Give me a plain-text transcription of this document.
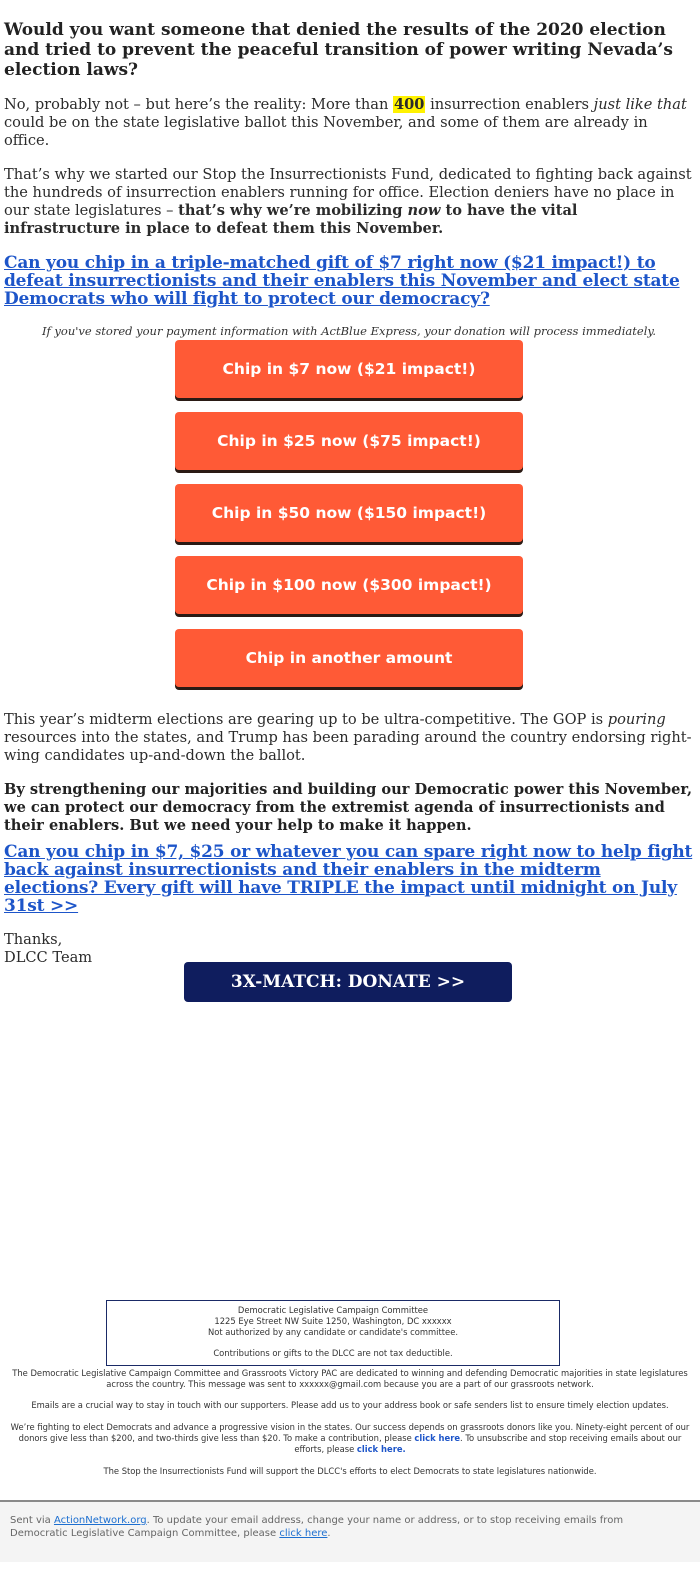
Would you want someone that denied the results of the 2020 election and tried to prevent the peaceful transition of power writing Nevada’s election laws?

No, probably not – but here’s the reality: More than 400 insurrection enablers just like that could be on the state legislative ballot this November, and some of them are already in office.

That’s why we started our Stop the Insurrectionists Fund, dedicated to fighting back against the hundreds of insurrection enablers running for office. Election deniers have no place in our state legislatures – that’s why we’re mobilizing now to have the vital infrastructure in place to defeat them this November.

Can you chip in a triple-matched gift of $7 right now ($21 impact!) to defeat insurrectionists and their enablers this November and elect state Democrats who will fight to protect our democracy?
If you've stored your payment information with ActBlue Express, your donation will process immediately.
Chip in $7 now ($21 impact!)
Chip in $25 now ($75 impact!)
Chip in $50 now ($150 impact!)
Chip in $100 now ($300 impact!)
Chip in another amount

This year’s midterm elections are gearing up to be ultra-competitive. The GOP is pouring resources into the states, and Trump has been parading around the country endorsing right-wing candidates up-and-down the ballot.

By strengthening our majorities and building our Democratic power this November, we can protect our democracy from the extremist agenda of insurrectionists and their enablers. But we need your help to make it happen.

Can you chip in $7, $25 or whatever you can spare right now to help fight back against insurrectionists and their enablers in the midterm elections? Every gift will have TRIPLE the impact until midnight on July 31st >>

Thanks,

DLCC Team

3X-MATCH: DONATE >>
Democratic Legislative Campaign Committee
1225 Eye Street NW Suite 1250, Washington, DC xxxxxx
Not authorized by any candidate or candidate's committee.
Contributions or gifts to the DLCC are not tax deductible.
The Democratic Legislative Campaign Committee and Grassroots Victory PAC are dedicated to winning and defending Democratic majorities in state legislatures across the country. This message was sent to xxxxxx@gmail.com because you are a part of our grassroots network.
Emails are a crucial way to stay in touch with our supporters. Please add us to your address book or safe senders list to ensure timely election updates.
We’re fighting to elect Democrats and advance a progressive vision in the states. Our success depends on grassroots donors like you. Ninety-eight percent of our donors give less than $200, and two-thirds give less than $20. To make a contribution, please click here. To unsubscribe and stop receiving emails about our efforts, please click here.
The Stop the Insurrectionists Fund will support the DLCC's efforts to elect Democrats to state legislatures nationwide.
Sent via ActionNetwork.org. To update your email address, change your name or address, or to stop receiving emails from Democratic Legislative Campaign Committee, please click here.
